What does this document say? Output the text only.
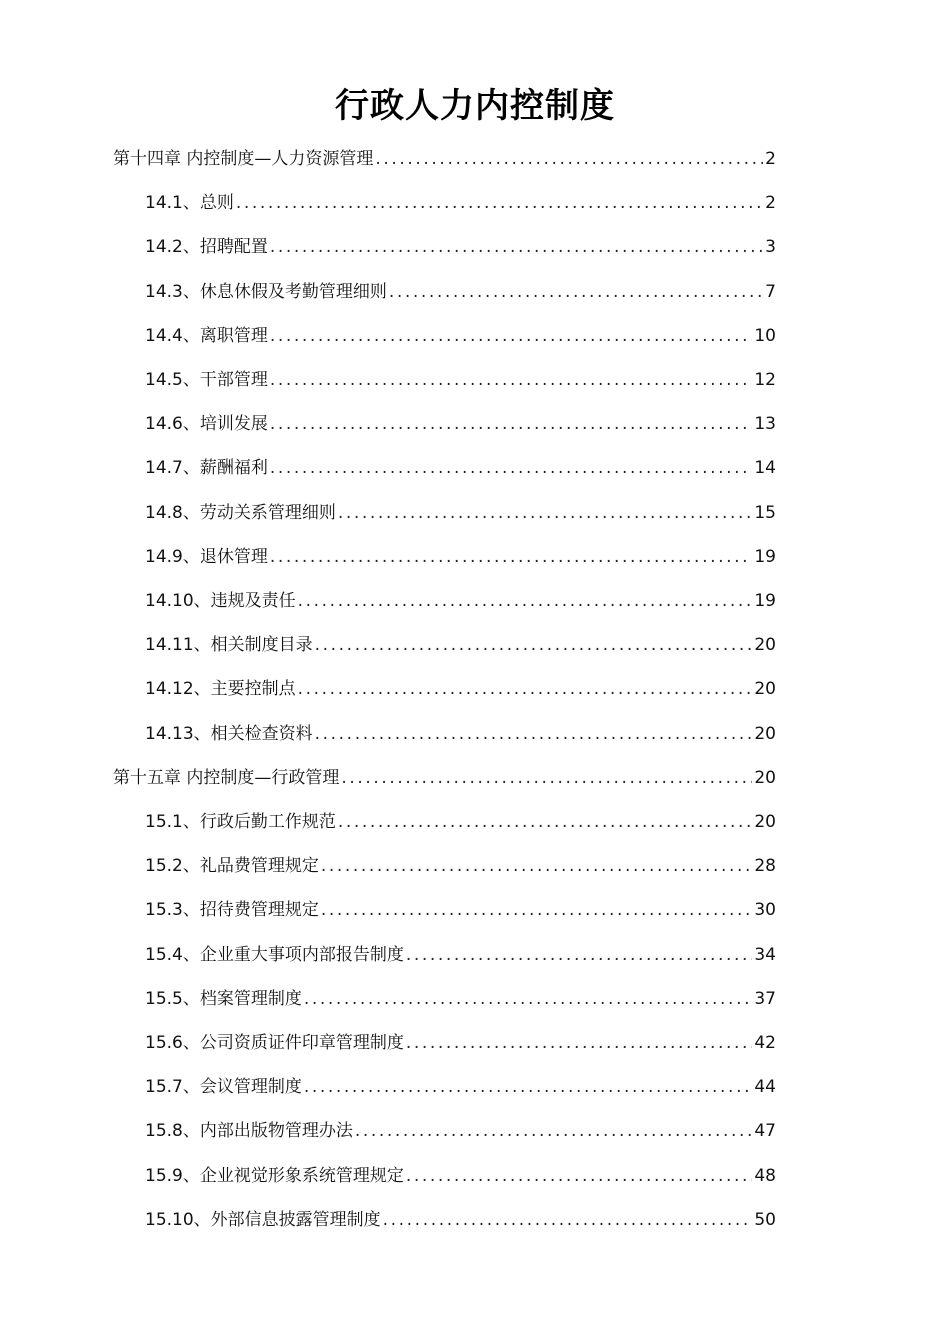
行政人力内控制度
第十四章 内控制度—人力资源管理 .....	2
14.1、总则 .....	2
14.2、招聘配置 .....	3
14.3、休息休假及考勤管理细则 .....	7
14.4、离职管理 .....	10
14.5、干部管理 .....	12
14.6、培训发展 .....	13
14.7、薪酬福利 .....	14
14.8、劳动关系管理细则 .....	15
14.9、退休管理 .....	19
14.10、违规及责任 .....	19
14.11、相关制度目录 .....	20
14.12、主要控制点 .....	20
14.13、相关检查资料 .....	20
第十五章 内控制度—行政管理 .....	20
15.1、行政后勤工作规范 .....	20
15.2、礼品费管理规定 .....	28
15.3、招待费管理规定 .....	30
15.4、企业重大事项内部报告制度 .....	34
15.5、档案管理制度 .....	37
15.6、公司资质证件印章管理制度 .....	42
15.7、会议管理制度 .....	44
15.8、内部出版物管理办法 .....	47
15.9、企业视觉形象系统管理规定 .....	48
15.10、外部信息披露管理制度 .....	50
